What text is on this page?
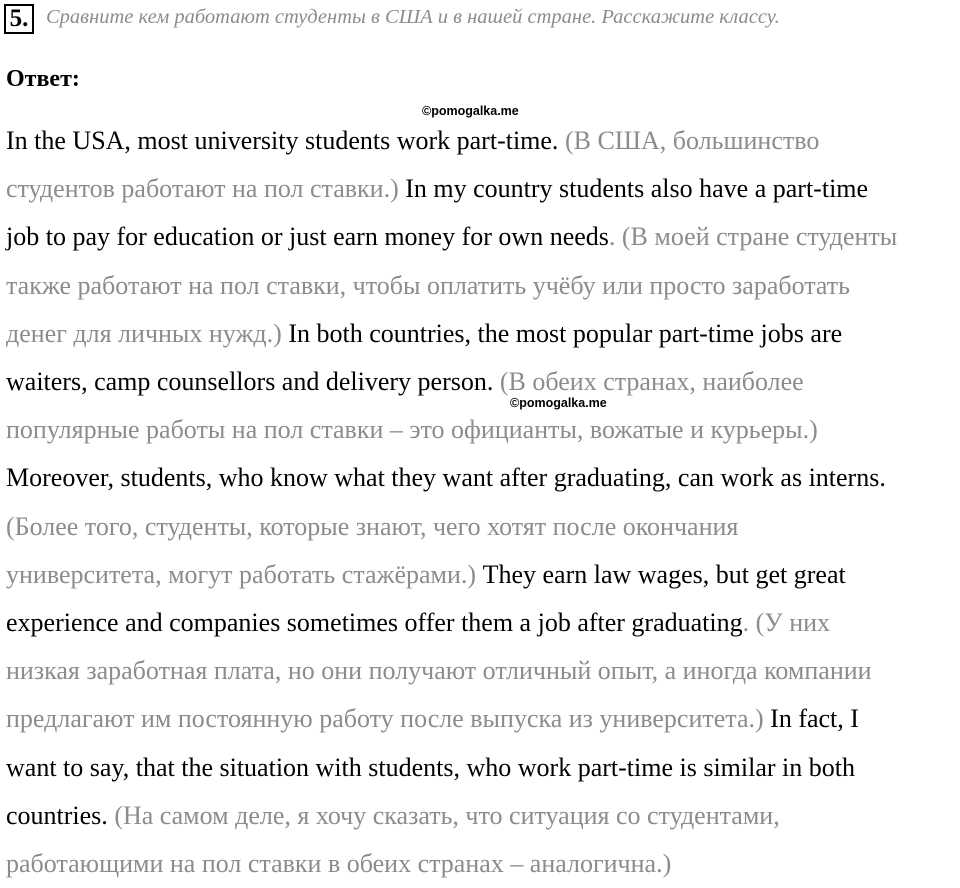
5. Сравните кем работают студенты в США и в нашей стране. Расскажите классу.
Ответ:
©pomogalka.me
©pomogalka.me
In the USA, most university students work part-time. (В США, большинство
студентов работают на пол ставки.) In my country students also have a part-time
job to pay for education or just earn money for own needs. (В моей стране студенты
также работают на пол ставки, чтобы оплатить учёбу или просто заработать
денег для личных нужд.) In both countries, the most popular part-time jobs are
waiters, camp counsellors and delivery person. (В обеих странах, наиболее
популярные работы на пол ставки – это официанты, вожатые и курьеры.)
Moreover, students, who know what they want after graduating, can work as interns.
(Более того, студенты, которые знают, чего хотят после окончания
университета, могут работать стажёрами.) They earn law wages, but get great
experience and companies sometimes offer them a job after graduating. (У них
низкая заработная плата, но они получают отличный опыт, а иногда компании
предлагают им постоянную работу после выпуска из университета.) In fact, I
want to say, that the situation with students, who work part-time is similar in both
countries. (На самом деле, я хочу сказать, что ситуация со студентами,
работающими на пол ставки в обеих странах – аналогична.)
